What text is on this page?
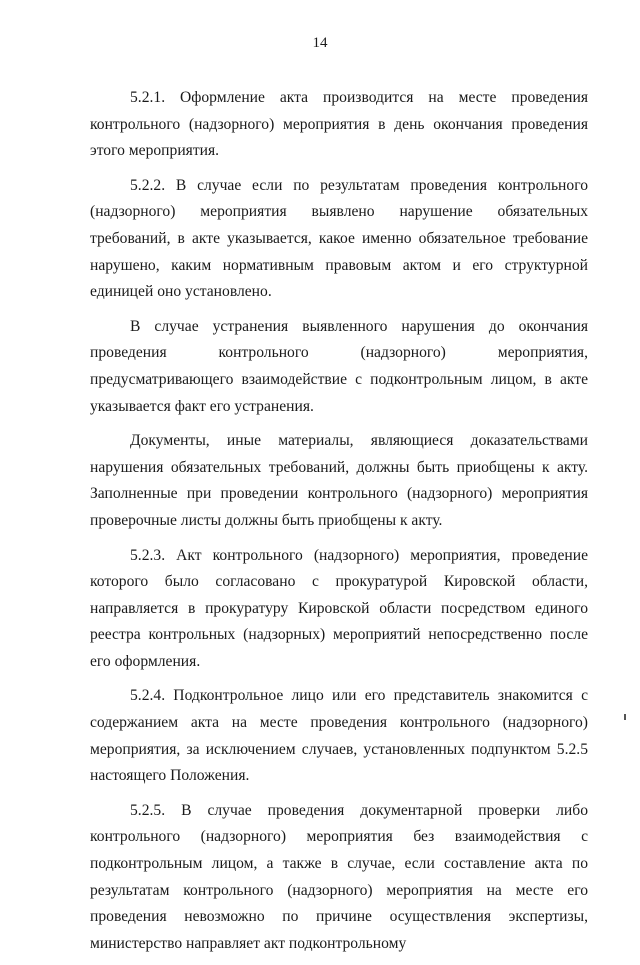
14

5.2.1. Оформление акта производится на месте проведения контрольного (надзорного) мероприятия в день окончания проведения этого мероприятия.

5.2.2. В случае если по результатам проведения контрольного (надзорного) мероприятия выявлено нарушение обязательных требований, в акте указывается, какое именно обязательное требование нарушено, каким нормативным правовым актом и его структурной единицей оно установлено.

В случае устранения выявленного нарушения до окончания проведения контрольного (надзорного) мероприятия, предусматривающего взаимодействие с подконтрольным лицом, в акте указывается факт его устранения.

Документы, иные материалы, являющиеся доказательствами нарушения обязательных требований, должны быть приобщены к акту. Заполненные при проведении контрольного (надзорного) мероприятия проверочные листы должны быть приобщены к акту.

5.2.3. Акт контрольного (надзорного) мероприятия, проведение которого было согласовано с прокуратурой Кировской области, направляется в прокуратуру Кировской области посредством единого реестра контрольных (надзорных) мероприятий непосредственно после его оформления.

5.2.4. Подконтрольное лицо или его представитель знакомится с содержанием акта на месте проведения контрольного (надзорного) мероприятия, за исключением случаев, установленных подпунктом 5.2.5 настоящего Положения.

5.2.5. В случае проведения документарной проверки либо контрольного (надзорного) мероприятия без взаимодействия с подконтрольным лицом, а также в случае, если составление акта по результатам контрольного (надзорного) мероприятия на месте его проведения невозможно по причине осуществления экспертизы, министерство направляет акт подконтрольному
